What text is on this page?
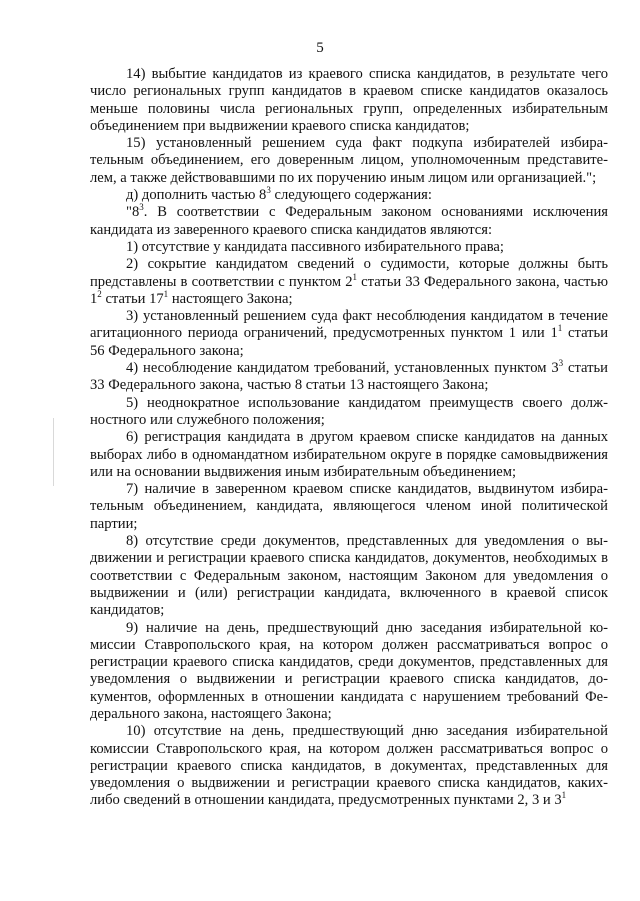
5

14) выбытие кандидатов из краевого списка кандидатов, в результате чего число региональных групп кандидатов в краевом списке кандидатов оказалось меньше половины числа региональных групп, определенных избирательным объединением при выдвижении краевого списка кандидатов;

15) установленный решением суда факт подкупа избирателей избирательным объединением, его доверенным лицом, уполномоченным представителем, а также действовавшими по их поручению иным лицом или организацией.";

д) дополнить частью $8^3$ следующего содержания:

"$8^3$. В соответствии с Федеральным законом основаниями исключения кандидата из заверенного краевого списка кандидатов являются:

1) отсутствие у кандидата пассивного избирательного права;

2) сокрытие кандидатом сведений о судимости, которые должны быть представлены в соответствии с пунктом $2^1$ статьи 33 Федерального закона, частью $1^2$ статьи $17^1$ настоящего Закона;

3) установленный решением суда факт несоблюдения кандидатом в течение агитационного периода ограничений, предусмотренных пунктом 1 или $1^1$ статьи 56 Федерального закона;

4) несоблюдение кандидатом требований, установленных пунктом $3^3$ статьи 33 Федерального закона, частью 8 статьи 13 настоящего Закона;

5) неоднократное использование кандидатом преимуществ своего должностного или служебного положения;

6) регистрация кандидата в другом краевом списке кандидатов на данных выборах либо в одномандатном избирательном округе в порядке самовыдвижения или на основании выдвижения иным избирательным объединением;

7) наличие в заверенном краевом списке кандидатов, выдвинутом избирательным объединением, кандидата, являющегося членом иной политической партии;

8) отсутствие среди документов, представленных для уведомления о выдвижении и регистрации краевого списка кандидатов, документов, необходимых в соответствии с Федеральным законом, настоящим Законом для уведомления о выдвижении и (или) регистрации кандидата, включенного в краевой список кандидатов;

9) наличие на день, предшествующий дню заседания избирательной комиссии Ставропольского края, на котором должен рассматриваться вопрос о регистрации краевого списка кандидатов, среди документов, представленных для уведомления о выдвижении и регистрации краевого списка кандидатов, документов, оформленных в отношении кандидата с нарушением требований Федерального закона, настоящего Закона;

10) отсутствие на день, предшествующий дню заседания избирательной комиссии Ставропольского края, на котором должен рассматриваться вопрос о регистрации краевого списка кандидатов, в документах, представленных для уведомления о выдвижении и регистрации краевого списка кандидатов, каких-либо сведений в отношении кандидата, предусмотренных пунктами 2, 3 и $3^1$
